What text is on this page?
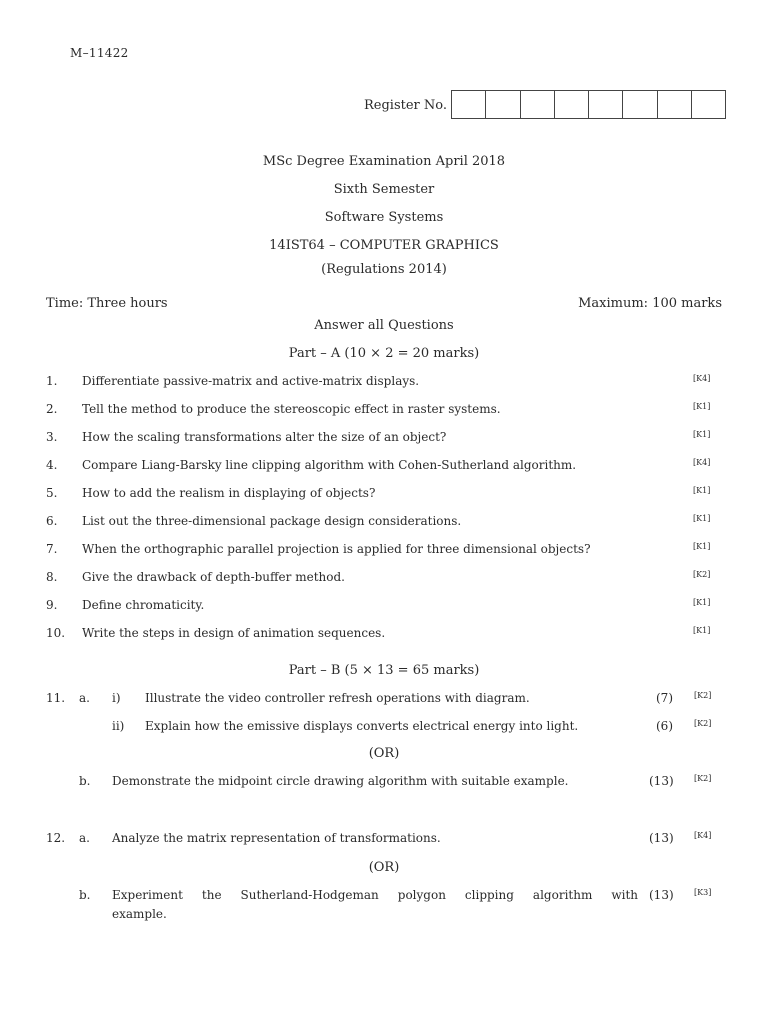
M–11422
Register No.
MSc Degree Examination April 2018
Sixth Semester
Software Systems
14IST64 – COMPUTER GRAPHICS
(Regulations 2014)
Time: Three hours	Maximum: 100 marks
Answer all Questions
Part – A (10 × 2 = 20 marks)
1. Differentiate passive-matrix and active-matrix displays.	[K4]
2. Tell the method to produce the stereoscopic effect in raster systems.	[K1]
3. How the scaling transformations alter the size of an object?	[K1]
4. Compare Liang-Barsky line clipping algorithm with Cohen-Sutherland algorithm.	[K4]
5. How to add the realism in displaying of objects?	[K1]
6. List out the three-dimensional package design considerations.	[K1]
7. When the orthographic parallel projection is applied for three dimensional objects?	[K1]
8. Give the drawback of depth-buffer method.	[K2]
9. Define chromaticity.	[K1]
10. Write the steps in design of animation sequences.	[K1]
Part – B (5 × 13 = 65 marks)
11. a. i) Illustrate the video controller refresh operations with diagram.	(7)	[K2]
ii) Explain how the emissive displays converts electrical energy into light.	(6)	[K2]
(OR)
b. Demonstrate the midpoint circle drawing algorithm with suitable example.	(13)	[K2]
12. a. Analyze the matrix representation of transformations.	(13)	[K4]
(OR)
b. Experiment the Sutherland-Hodgeman polygon clipping algorithm with
example.
(13)	[K3]
